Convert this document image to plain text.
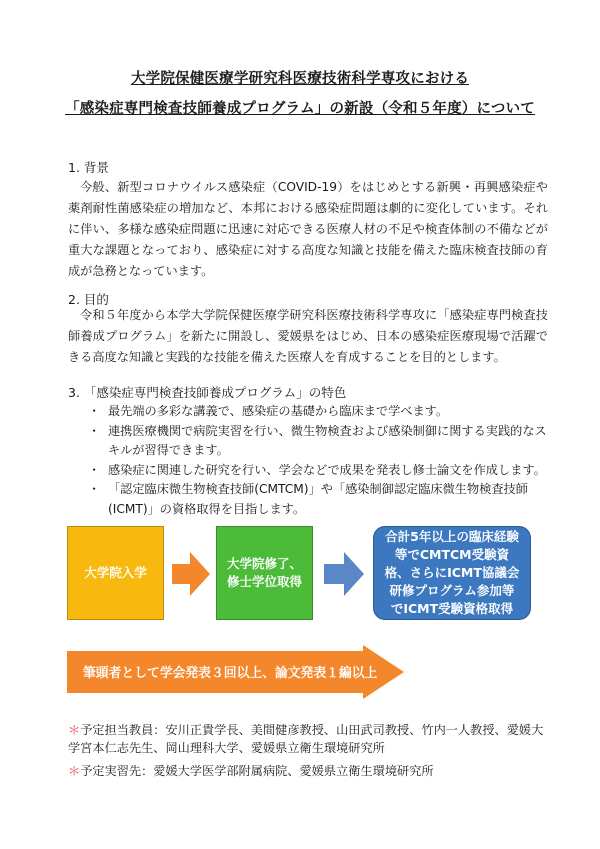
大学院保健医療学研究科医療技術科学専攻における
「感染症専門検査技師養成プログラム」の新設（令和５年度）について
1. 背景
今般、新型コロナウイルス感染症（COVID-19）をはじめとする新興・再興感染症や薬剤耐性菌感染症の増加など、本邦における感染症問題は劇的に変化しています。それに伴い、多様な感染症問題に迅速に対応できる医療人材の不足や検査体制の不備などが重大な課題となっており、感染症に対する高度な知識と技能を備えた臨床検査技師の育成が急務となっています。
2. 目的
令和５年度から本学大学院保健医療学研究科医療技術科学専攻に「感染症専門検査技師養成プログラム」を新たに開設し、愛媛県をはじめ、日本の感染症医療現場で活躍できる高度な知識と実践的な技能を備えた医療人を育成することを目的とします。
3. 「感染症専門検査技師養成プログラム」の特色
・ 最先端の多彩な講義で、感染症の基礎から臨床まで学べます。
・ 連携医療機関で病院実習を行い、微生物検査および感染制御に関する実践的なスキルが習得できます。
・ 感染症に関連した研究を行い、学会などで成果を発表し修士論文を作成します。
・ 「認定臨床微生物検査技師(CMTCM)」や「感染制御認定臨床微生物検査技師(ICMT)」の資格取得を目指します。
大学院入学
大学院修了、修士学位取得
合計5年以上の臨床経験等でCMTCM受験資格、さらにICMT協議会研修プログラム参加等でICMT受験資格取得
筆頭者として学会発表３回以上、論文発表１編以上
＊予定担当教員：安川正貴学長、美間健彦教授、山田武司教授、竹内一人教授、愛媛大学宮本仁志先生、岡山理科大学、愛媛県立衛生環境研究所
＊予定実習先：愛媛大学医学部附属病院、愛媛県立衛生環境研究所
